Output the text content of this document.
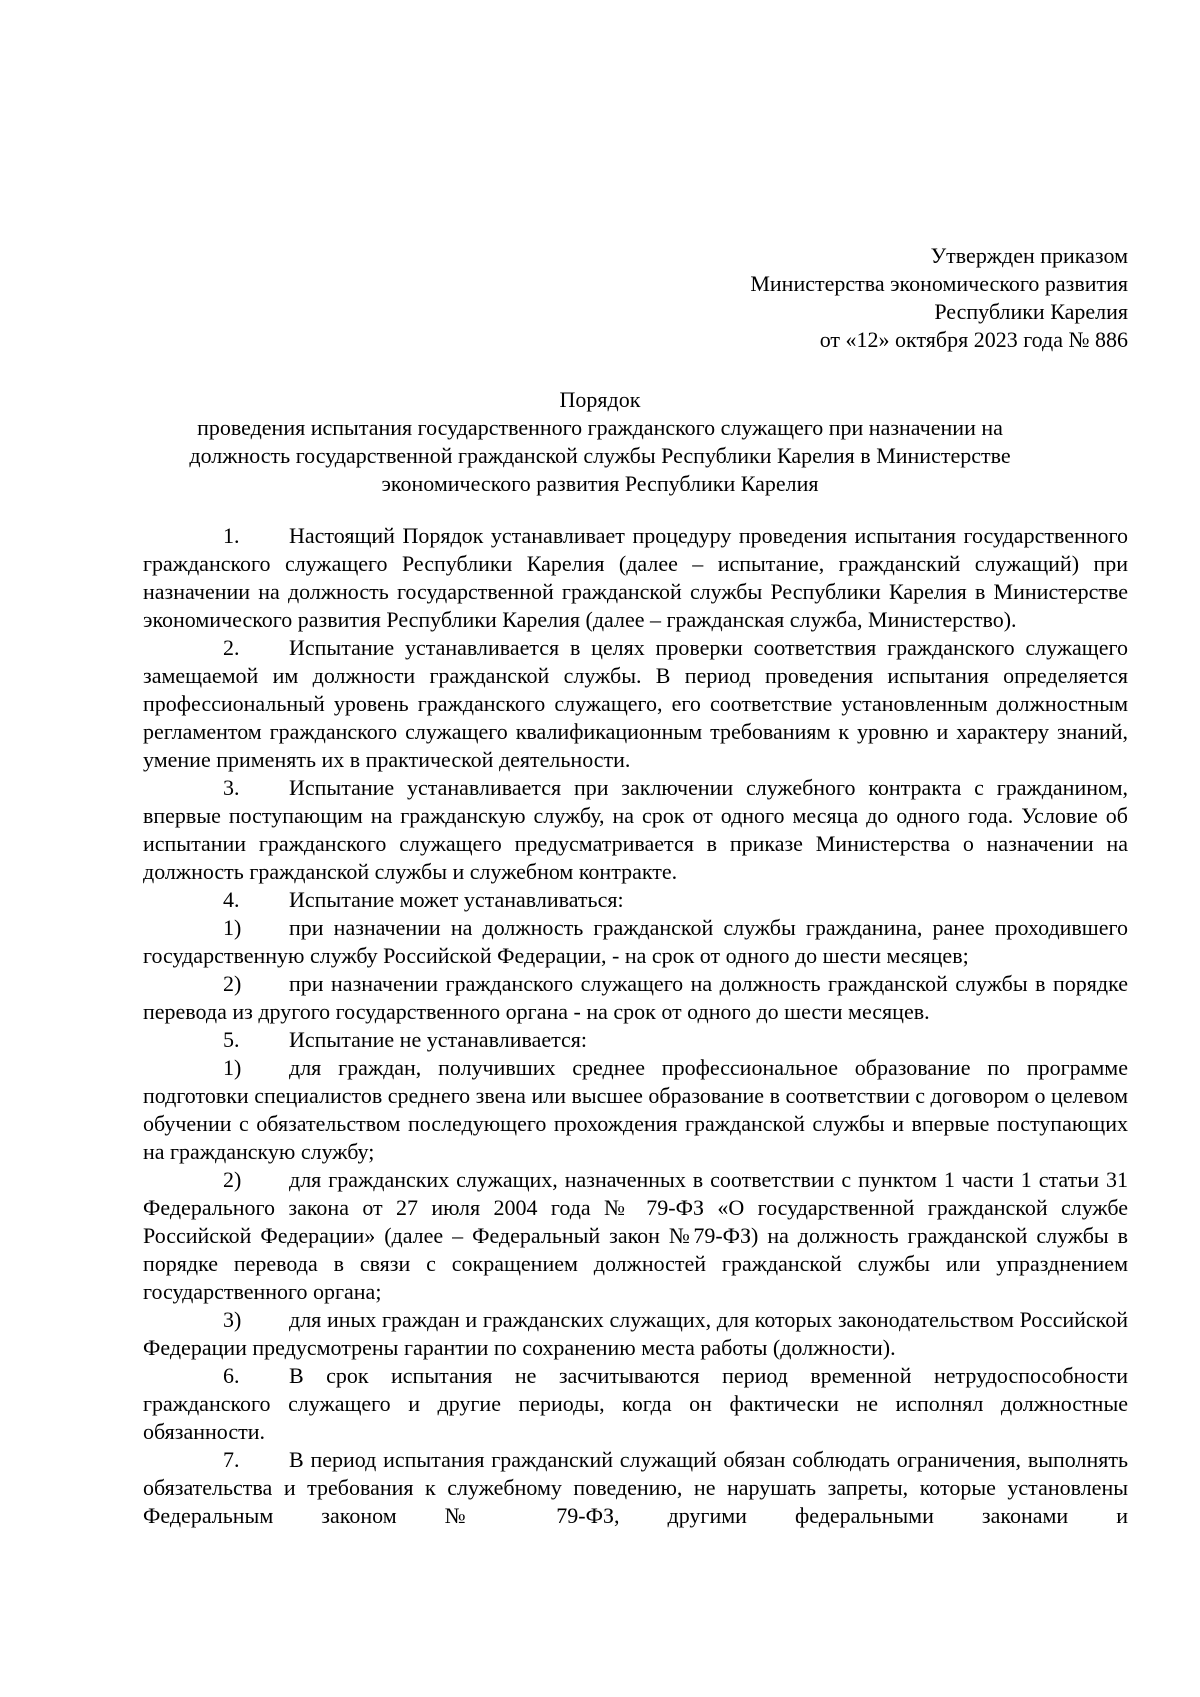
Утвержден приказом
Министерства экономического развития
Республики Карелия
от «12» октября 2023 года № 886
Порядок
проведения испытания государственного гражданского служащего при назначении на
должность государственной гражданской службы Республики Карелия в Министерстве
экономического развития Республики Карелия

1. Настоящий Порядок устанавливает процедуру проведения испытания государственного гражданского служащего Республики Карелия (далее – испытание, гражданский служащий) при назначении на должность государственной гражданской службы Республики Карелия в Министерстве экономического развития Республики Карелия (далее – гражданская служба, Министерство).

2. Испытание устанавливается в целях проверки соответствия гражданского служащего замещаемой им должности гражданской службы. В период проведения испытания определяется профессиональный уровень гражданского служащего, его соответствие установленным должностным регламентом гражданского служащего квалификационным требованиям к уровню и характеру знаний, умение применять их в практической деятельности.

3. Испытание устанавливается при заключении служебного контракта с гражданином, впервые поступающим на гражданскую службу, на срок от одного месяца до одного года. Условие об испытании гражданского служащего предусматривается в приказе Министерства о назначении на должность гражданской службы и служебном контракте.

4. Испытание может устанавливаться:

1) при назначении на должность гражданской службы гражданина, ранее проходившего государственную службу Российской Федерации, - на срок от одного до шести месяцев;

2) при назначении гражданского служащего на должность гражданской службы в порядке перевода из другого государственного органа - на срок от одного до шести месяцев.

5. Испытание не устанавливается:

1) для граждан, получивших среднее профессиональное образование по программе подготовки специалистов среднего звена или высшее образование в соответствии с договором о целевом обучении с обязательством последующего прохождения гражданской службы и впервые поступающих на гражданскую службу;

2) для гражданских служащих, назначенных в соответствии с пунктом 1 части 1 статьи 31 Федерального закона от 27 июля 2004 года № 79-ФЗ «О государственной гражданской службе Российской Федерации» (далее – Федеральный закон №79-ФЗ) на должность гражданской службы в порядке перевода в связи с сокращением должностей гражданской службы или упразднением государственного органа;

3) для иных граждан и гражданских служащих, для которых законодательством Российской Федерации предусмотрены гарантии по сохранению места работы (должности).

6. В срок испытания не засчитываются период временной нетрудоспособности гражданского служащего и другие периоды, когда он фактически не исполнял должностные обязанности.

7. В период испытания гражданский служащий обязан соблюдать ограничения, выполнять обязательства и требования к служебному поведению, не нарушать запреты, которые установлены Федеральным законом № 79-ФЗ, другими федеральными законами и
